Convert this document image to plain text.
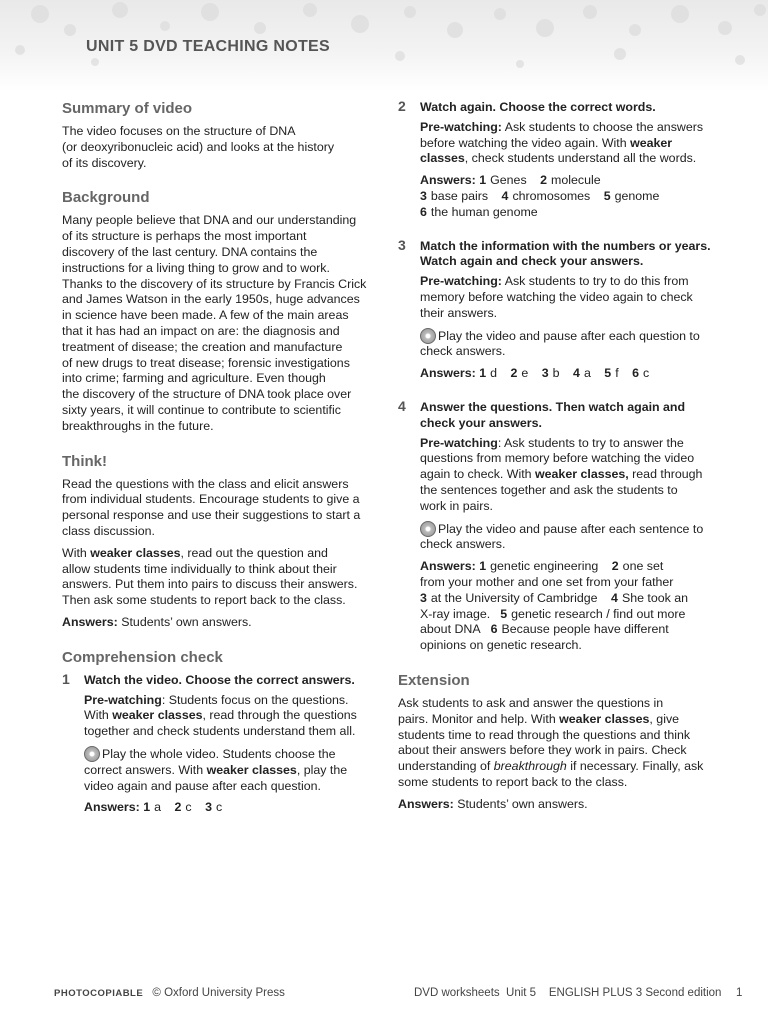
UNIT 5 DVD TEACHING NOTES
Summary of video

The video focuses on the structure of DNA
(or deoxyribonucleic acid) and looks at the history
of its discovery.

Background

Many people believe that DNA and our understanding
of its structure is perhaps the most important
discovery of the last century. DNA contains the
instructions for a living thing to grow and to work.
Thanks to the discovery of its structure by Francis Crick
and James Watson in the early 1950s, huge advances
in science have been made. A few of the main areas
that it has had an impact on are: the diagnosis and
treatment of disease; the creation and manufacture
of new drugs to treat disease; forensic investigations
into crime; farming and agriculture. Even though
the discovery of the structure of DNA took place over
sixty years, it will continue to contribute to scientific
breakthroughs in the future.

Think!

Read the questions with the class and elicit answers
from individual students. Encourage students to give a
personal response and use their suggestions to start a
class discussion.

With weaker classes, read out the question and
allow students time individually to think about their
answers. Put them into pairs to discuss their answers.
Then ask some students to report back to the class.

Answers: Students’ own answers.

Comprehension check
1 Watch the video. Choose the correct answers.

Pre-watching: Students focus on the questions.
With weaker classes, read through the questions
together and check students understand them all.

Play the whole video. Students choose the
correct answers. With weaker classes, play the
video again and pause after each question.

Answers: 1 a 2 c 3 c

2 Watch again. Choose the correct words.

Pre-watching: Ask students to choose the answers
before watching the video again. With weaker
classes, check students understand all the words.

Answers: 1 Genes 2 molecule
3 base pairs 4 chromosomes 5 genome
6 the human genome

3 Match the information with the numbers or years.
Watch again and check your answers.

Pre-watching: Ask students to try to do this from
memory before watching the video again to check
their answers.

Play the video and pause after each question to
check answers.

Answers: 1 d 2 e 3 b 4 a 5 f 6 c

4 Answer the questions. Then watch again and
check your answers.

Pre-watching: Ask students to try to answer the
questions from memory before watching the video
again to check. With weaker classes, read through
the sentences together and ask the students to
work in pairs.

Play the video and pause after each sentence to
check answers.

Answers: 1 genetic engineering 2 one set
from your mother and one set from your father
3 at the University of Cambridge 4 She took an
X-ray image. 5 genetic research / find out more
about DNA 6 Because people have different
opinions on genetic research.

Extension

Ask students to ask and answer the questions in
pairs. Monitor and help. With weaker classes, give
students time to read through the questions and think
about their answers before they work in pairs. Check
understanding of breakthrough if necessary. Finally, ask
some students to report back to the class.

Answers: Students’ own answers.

PHOTOCOPIABLE © Oxford University Press	DVD worksheets  Unit 5    ENGLISH PLUS 3 Second edition 1
